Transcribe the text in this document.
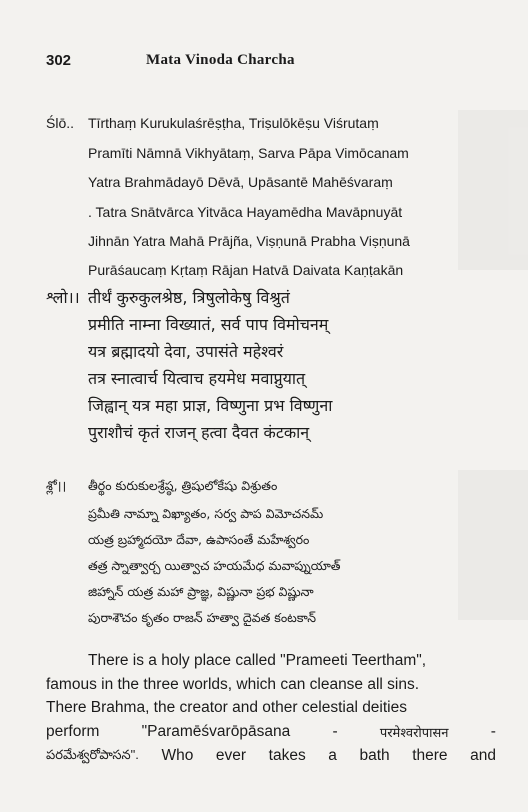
302	Mata Vinoda Charcha
Ślō.. Tīrthaṃ Kurukulaśrēṣṭha, Triṣulōkēṣu Viśrutaṃ
Pramīti Nāmnā Vikhyātaṃ, Sarva Pāpa Vimōcanam
Yatra Brahmādayō Dēvā, Upāsantē Mahēśvaraṃ
. Tatra Snātvārca Yitvāca Hayamēdha Mavāpnuyāt
Jihnān Yatra Mahā Prājña, Viṣṇunā Prabha Viṣṇunā
Purāśaucaṃ Kṛtaṃ Rājan Hatvā Daivata Kaṇṭakān
श्लो।। तीर्थं कुरुकुलश्रेष्ठ, त्रिषुलोकेषु विश्रुतं
प्रमीति नाम्ना विख्यातं, सर्व पाप विमोचनम्
यत्र ब्रह्मादयो देवा, उपासंते महेश्वरं
तत्र स्नात्वार्च यित्वाच हयमेध मवाप्नुयात्
जिह्वान् यत्र महा प्राज्ञ, विष्णुना प्रभ विष्णुना
पुराशौचं कृतं राजन् हत्वा दैवत कंटकान्
శ్లో।। తీర్థం కురుకులశ్రేష్ఠ, త్రిషులోకేషు విశ్రుతం
ప్రమీతి నామ్నా విఖ్యాతం, సర్వ పాప విమోచనమ్
యత్ర బ్రహ్మాదయో దేవా, ఉపాసంతే మహేశ్వరం
తత్ర స్నాత్వార్చ యిత్వాచ హయమేధ మవాప్నుయాత్
జిహ్నాన్ యత్ర మహా ప్రాజ్ఞ, విష్ణునా ప్రభ విష్ణునా
పురాశౌచం కృతం రాజన్ హత్వా దైవత కంటకాన్
There is a holy place called "Prameeti Teertham",
famous in the three worlds, which can cleanse all sins.
There Brahma, the creator and other celestial deities
perform	"Paramēśvarōpāsana	-	परमेश्वरोपासन	-
పరమేశ్వరోపాసన". Who ever takes a bath there and
